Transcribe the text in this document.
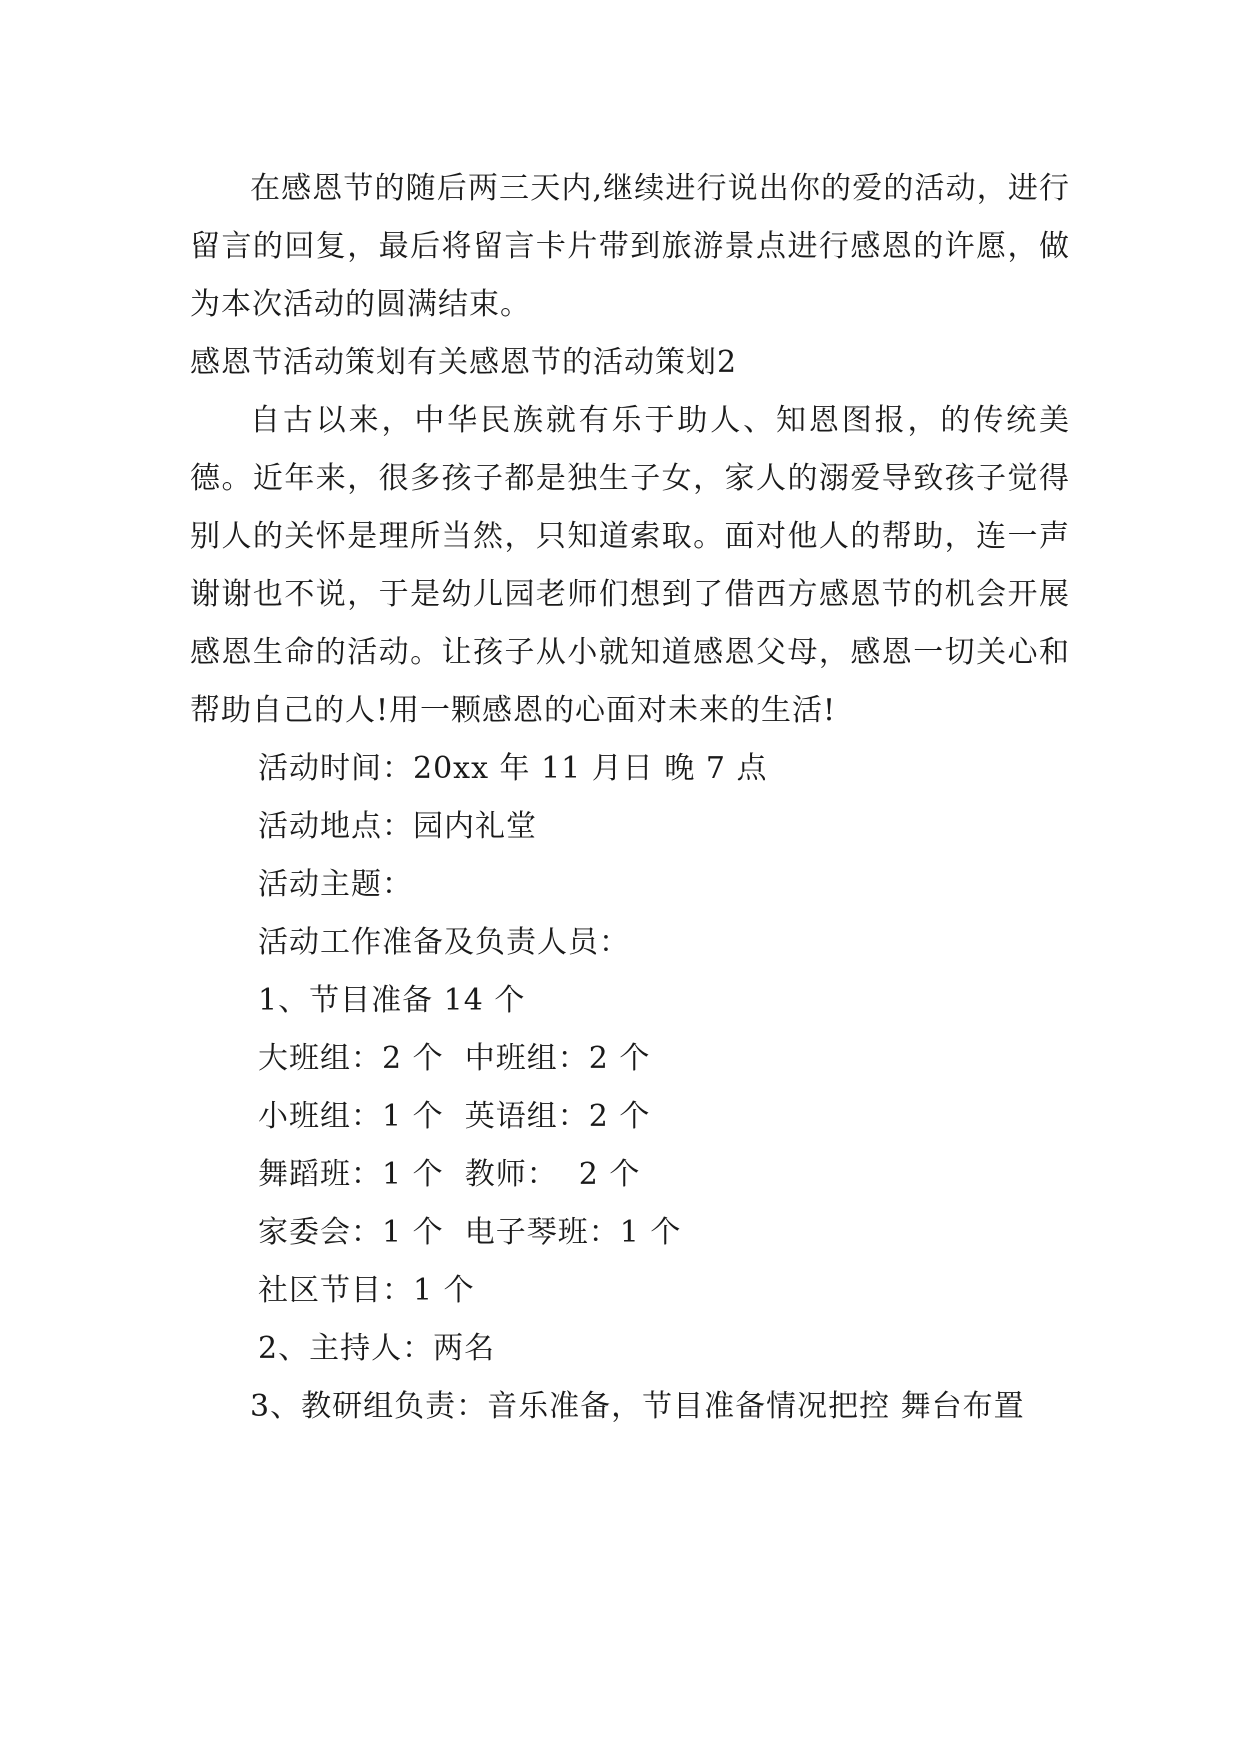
在感恩节的随后两三天内,继续进行说出你的爱的活动，进行留言的回复，最后将留言卡片带到旅游景点进行感恩的许愿，做为本次活动的圆满结束。

感恩节活动策划有关感恩节的活动策划2

自古以来，中华民族就有乐于助人、知恩图报，的传统美德。近年来，很多孩子都是独生子女，家人的溺爱导致孩子觉得别人的关怀是理所当然，只知道索取。面对他人的帮助，连一声谢谢也不说，于是幼儿园老师们想到了借西方感恩节的机会开展感恩生命的活动。让孩子从小就知道感恩父母，感恩一切关心和帮助自己的人!用一颗感恩的心面对未来的生活!

活动时间：20xx 年 11 月日 晚 7 点

活动地点：园内礼堂

活动主题：

活动工作准备及负责人员：

1、节目准备 14 个

大班组：2 个  中班组：2 个

小班组：1 个  英语组：2 个

舞蹈班：1 个  教师：  2 个

家委会：1 个  电子琴班：1 个

社区节目：1 个

2、主持人：两名

3、教研组负责：音乐准备，节目准备情况把控 舞台布置
